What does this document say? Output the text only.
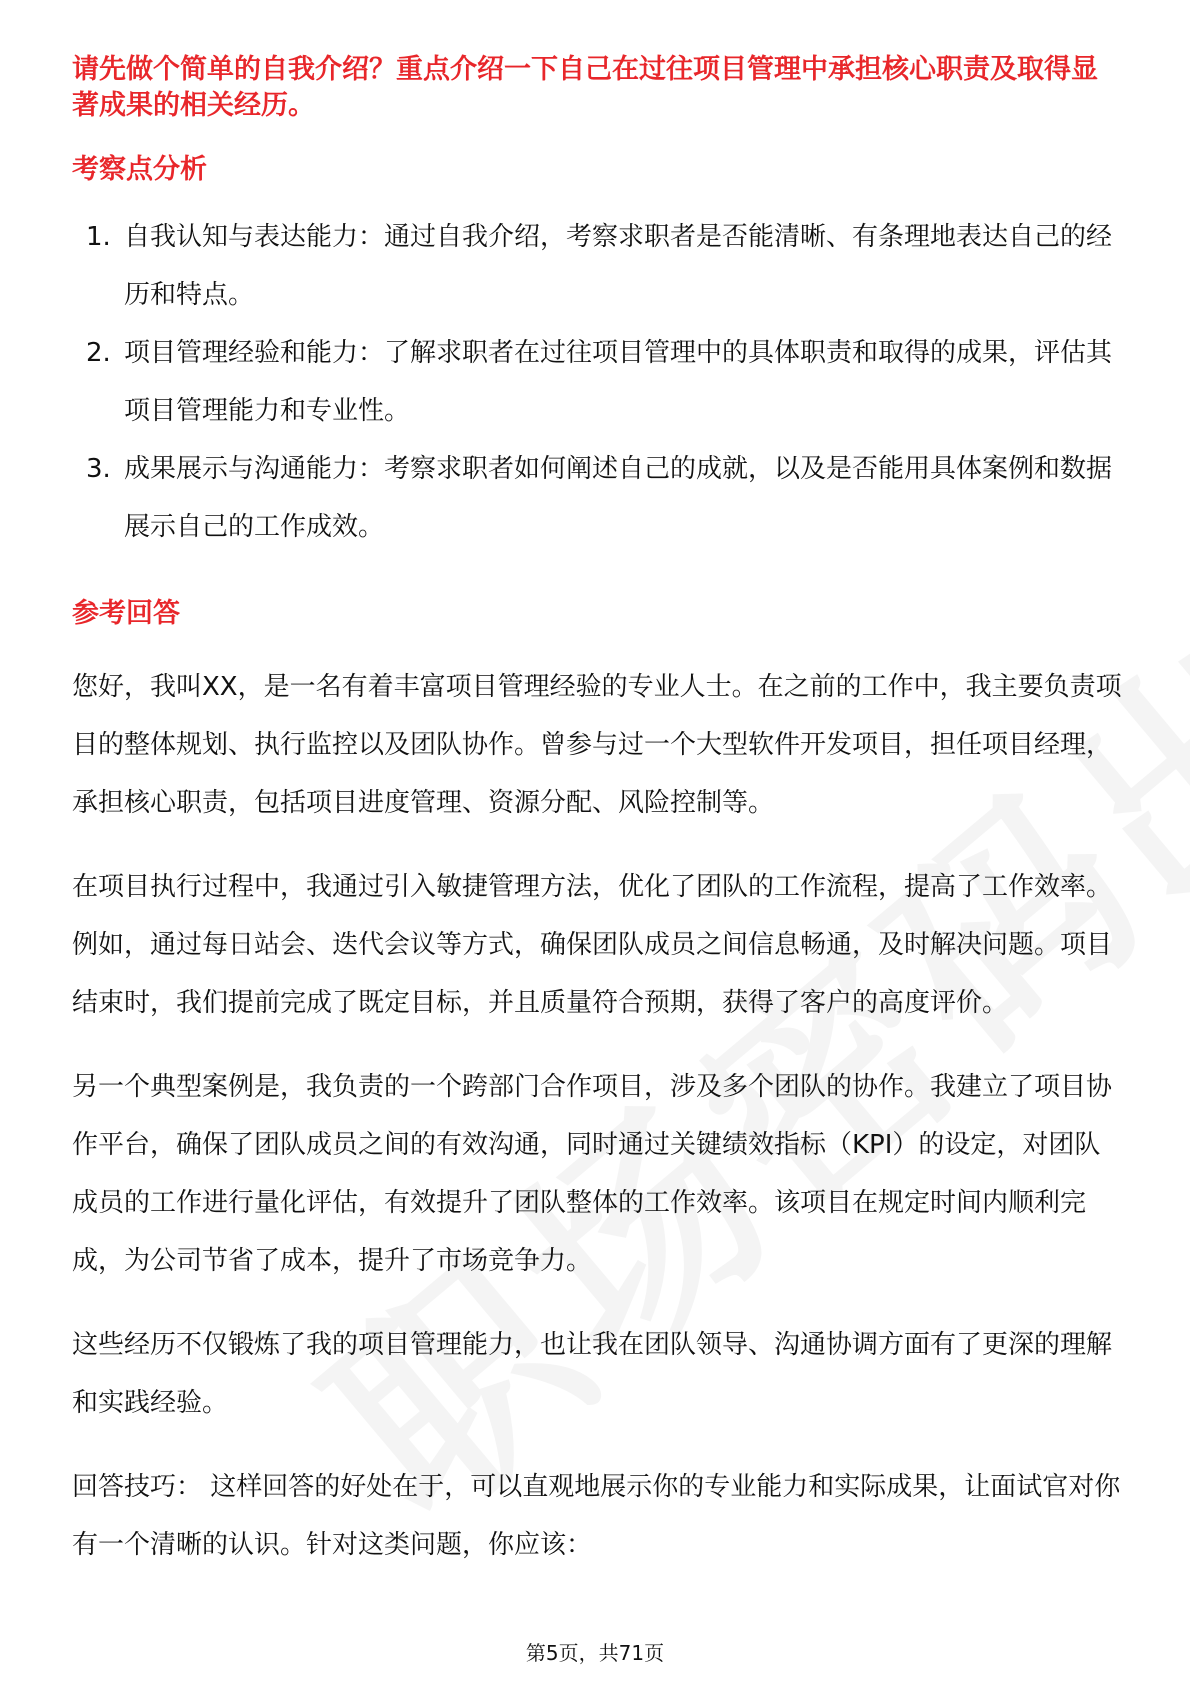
请先做个简单的自我介绍？重点介绍一下自己在过往项目管理中承担核心职责及取得显著成果的相关经历。

考察点分析
1. 自我认知与表达能力：通过自我介绍，考察求职者是否能清晰、有条理地表达自己的经历和特点。
2. 项目管理经验和能力：了解求职者在过往项目管理中的具体职责和取得的成果，评估其项目管理能力和专业性。
3. 成果展示与沟通能力：考察求职者如何阐述自己的成就，以及是否能用具体案例和数据展示自己的工作成效。
参考回答

您好，我叫XX，是一名有着丰富项目管理经验的专业人士。在之前的工作中，我主要负责项目的整体规划、执行监控以及团队协作。曾参与过一个大型软件开发项目，担任项目经理，承担核心职责，包括项目进度管理、资源分配、风险控制等。

在项目执行过程中，我通过引入敏捷管理方法，优化了团队的工作流程，提高了工作效率。例如，通过每日站会、迭代会议等方式，确保团队成员之间信息畅通，及时解决问题。项目结束时，我们提前完成了既定目标，并且质量符合预期，获得了客户的高度评价。

另一个典型案例是，我负责的一个跨部门合作项目，涉及多个团队的协作。我建立了项目协作平台，确保了团队成员之间的有效沟通，同时通过关键绩效指标（KPI）的设定，对团队成员的工作进行量化评估，有效提升了团队整体的工作效率。该项目在规定时间内顺利完成，为公司节省了成本，提升了市场竞争力。

这些经历不仅锻炼了我的项目管理能力，也让我在团队领导、沟通协调方面有了更深的理解和实践经验。

回答技巧： 这样回答的好处在于，可以直观地展示你的专业能力和实际成果，让面试官对你有一个清晰的认识。针对这类问题，你应该：

第5页，共71页
